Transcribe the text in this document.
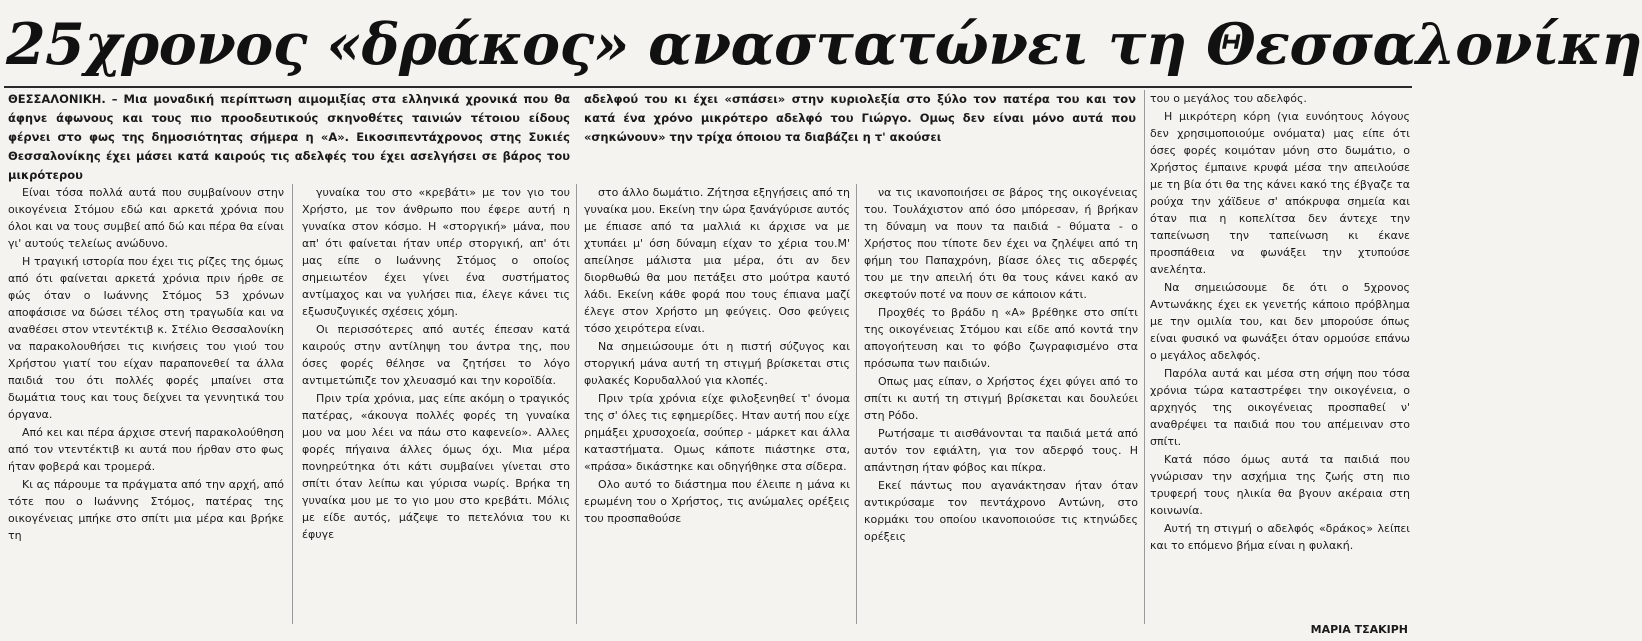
25χρονος «δράκος» αναστατώνει τη Θεσσαλονίκη
ΘΕΣΣΑΛΟΝΙΚΗ. – Μια μοναδική περίπτωση αιμομιξίας στα ελληνικά χρονικά που θα άφηνε άφωνους και τους πιο προοδευτικούς σκηνοθέτες ταινιών τέτοιου είδους φέρνει στο φως της δημοσιότητας σήμερα η «Α». Εικοσιπεντάχρονος στης Συκιές Θεσσαλονίκης έχει μάσει κατά καιρούς τις αδελφές του έχει ασελγήσει σε βάρος του μικρότερου
αδελφού του κι έχει «σπάσει» στην κυριολεξία στο ξύλο τον πατέρα του και τον κατά ένα χρόνο μικρότερο αδελφό του Γιώργο. Ομως δεν είναι μόνο αυτά που «σηκώνουν» την τρίχα όποιου τα διαβάζει η τ' ακούσει

Είναι τόσα πολλά αυτά που συμβαίνουν στην οικογένεια Στόμου εδώ και αρκετά χρόνια που όλοι και να τους συμβεί από δώ και πέρα θα είναι γι' αυτούς τελείως ανώδυνο.

Η τραγική ιστορία που έχει τις ρίζες της όμως από ότι φαίνεται αρκετά χρόνια πριν ήρθε σε φώς όταν ο Ιωάννης Στόμος 53 χρόνων αποφάσισε να δώσει τέλος στη τραγωδία και να αναθέσει στον ντεντέκτιβ κ. Στέλιο Θεσσαλονίκη να παρακολουθήσει τις κινήσεις του γιού του Χρήστου γιατί του είχαν παραπονεθεί τα άλλα παιδιά του ότι πολλές φορές μπαίνει στα δωμάτια τους και τους δείχνει τα γεννητικά του όργανα.

Από κει και πέρα άρχισε στενή παρακολούθηση από τον ντεντέκτιβ κι αυτά που ήρθαν στο φως ήταν φοβερά και τρομερά.

Κι ας πάρουμε τα πράγματα από την αρχή, από τότε που ο Ιωάννης Στόμος, πατέρας της οικογένειας μπήκε στο σπίτι μια μέρα και βρήκε τη

γυναίκα του στο «κρεβάτι» με τον γιο του Χρήστο, με τον άνθρωπο που έφερε αυτή η γυναίκα στον κόσμο. Η «στοργική» μάνα, που απ' ότι φαίνεται ήταν υπέρ στοργική, απ' ότι μας είπε ο Ιωάννης Στόμος ο οποίος σημειωτέον έχει γίνει ένα συστήματος αντίμαχος και να γυλήσει πια, έλεγε κάνει τις εξωσυζυγικές σχέσεις χόμη.

Οι περισσότερες από αυτές έπεσαν κατά καιρούς στην αντίληψη του άντρα της, που όσες φορές θέλησε να ζητήσει το λόγο αντιμετώπιζε τον χλευασμό και την κοροϊδία.

Πριν τρία χρόνια, μας είπε ακόμη ο τραγικός πατέρας, «άκουγα πολλές φορές τη γυναίκα μου να μου λέει να πάω στο καφενείο». Αλλες φορές πήγαινα άλλες όμως όχι. Μια μέρα πονηρεύτηκα ότι κάτι συμβαίνει γίνεται στο σπίτι όταν λείπω και γύρισα νωρίς. Βρήκα τη γυναίκα μου με το γιο μου στο κρεβάτι. Μόλις με είδε αυτός, μάζεψε το πετελόνια του κι έφυγε

στο άλλο δωμάτιο. Ζήτησα εξηγήσεις από τη γυναίκα μου. Εκείνη την ώρα ξανάγύρισε αυτός με έπιασε από τα μαλλιά κι άρχισε να με χτυπάει μ' όση δύναμη είχαν το χέρια του.Μ' απείλησε μάλιστα μια μέρα, ότι αν δεν διορθωθώ θα μου πετάξει στο μούτρα καυτό λάδι. Εκείνη κάθε φορά που τους έπιανα μαζί έλεγε στον Χρήστο μη φεύγεις. Οσο φεύγεις τόσο χειρότερα είναι.

Να σημειώσουμε ότι η πιστή σύζυγος και στοργική μάνα αυτή τη στιγμή βρίσκεται στις φυλακές Κορυδαλλού για κλοπές.

Πριν τρία χρόνια είχε φιλοξενηθεί τ' όνομα της σ' όλες τις εφημερίδες. Ηταν αυτή που είχε ρημάξει χρυσοχοεία, σούπερ - μάρκετ και άλλα καταστήματα. Ομως κάποτε πιάστηκε στα, «πράσα» δικάστηκε και οδηγήθηκε στα σίδερα.

Ολο αυτό το διάστημα που έλειπε η μάνα κι ερωμένη του ο Χρήστος, τις ανώμαλες ορέξεις του προσπαθούσε

να τις ικανοποιήσει σε βάρος της οικογένειας του. Τουλάχιστον από όσο μπόρεσαν, ή βρήκαν τη δύναμη να πουν τα παιδιά - θύματα - ο Χρήστος που τίποτε δεν έχει να ζηλέψει από τη φήμη του Παπαχρόνη, βίασε όλες τις αδερφές του με την απειλή ότι θα τους κάνει κακό αν σκεφτούν ποτέ να πουν σε κάποιον κάτι.

Προχθές το βράδυ η «Α» βρέθηκε στο σπίτι της οικογένειας Στόμου και είδε από κοντά την απογοήτευση και το φόβο ζωγραφισμένο στα πρόσωπα των παιδιών.

Οπως μας είπαν, ο Χρήστος έχει φύγει από το σπίτι κι αυτή τη στιγμή βρίσκεται και δουλεύει στη Ρόδο.

Ρωτήσαμε τι αισθάνονται τα παιδιά μετά από αυτόν τον εφιάλτη, για τον αδερφό τους. Η απάντηση ήταν φόβος και πίκρα.

Εκεί πάντως που αγανάκτησαν ήταν όταν αντικρύσαμε τον πεντάχρονο Αντώνη, στο κορμάκι του οποίου ικανοποιούσε τις κτηνώδες ορέξεις

του ο μεγάλος του αδελφός.

Η μικρότερη κόρη (για ευνόητους λόγους δεν χρησιμοποιούμε ονόματα) μας είπε ότι όσες φορές κοιμόταν μόνη στο δωμάτιο, ο Χρήστος έμπαινε κρυφά μέσα την απειλούσε με τη βία ότι θα της κάνει κακό της έβγαζε τα ρούχα την χάϊδευε σ' απόκρυφα σημεία και όταν πια η κοπελίτσα δεν άντεχε την ταπείνωση την ταπείνωση κι έκανε προσπάθεια να φωνάξει την χτυπούσε ανελέητα.

Να σημειώσουμε δε ότι ο 5χρονος Αντωνάκης έχει εκ γενετής κάποιο πρόβλημα με την ομιλία του, και δεν μπορούσε όπως είναι φυσικό να φωνάξει όταν ορμούσε επάνω ο μεγάλος αδελφός.

Παρόλα αυτά και μέσα στη σήψη που τόσα χρόνια τώρα καταστρέφει την οικογένεια, ο αρχηγός της οικογένειας προσπαθεί ν' αναθρέψει τα παιδιά που του απέμειναν στο σπίτι.

Κατά πόσο όμως αυτά τα παιδιά που γνώρισαν την ασχήμια της ζωής στη πιο τρυφερή τους ηλικία θα βγουν ακέραια στη κοινωνία.

Αυτή τη στιγμή ο αδελφός «δράκος» λείπει και το επόμενο βήμα είναι η φυλακή.

ΜΑΡΙΑ ΤΣΑΚΙΡΗ
